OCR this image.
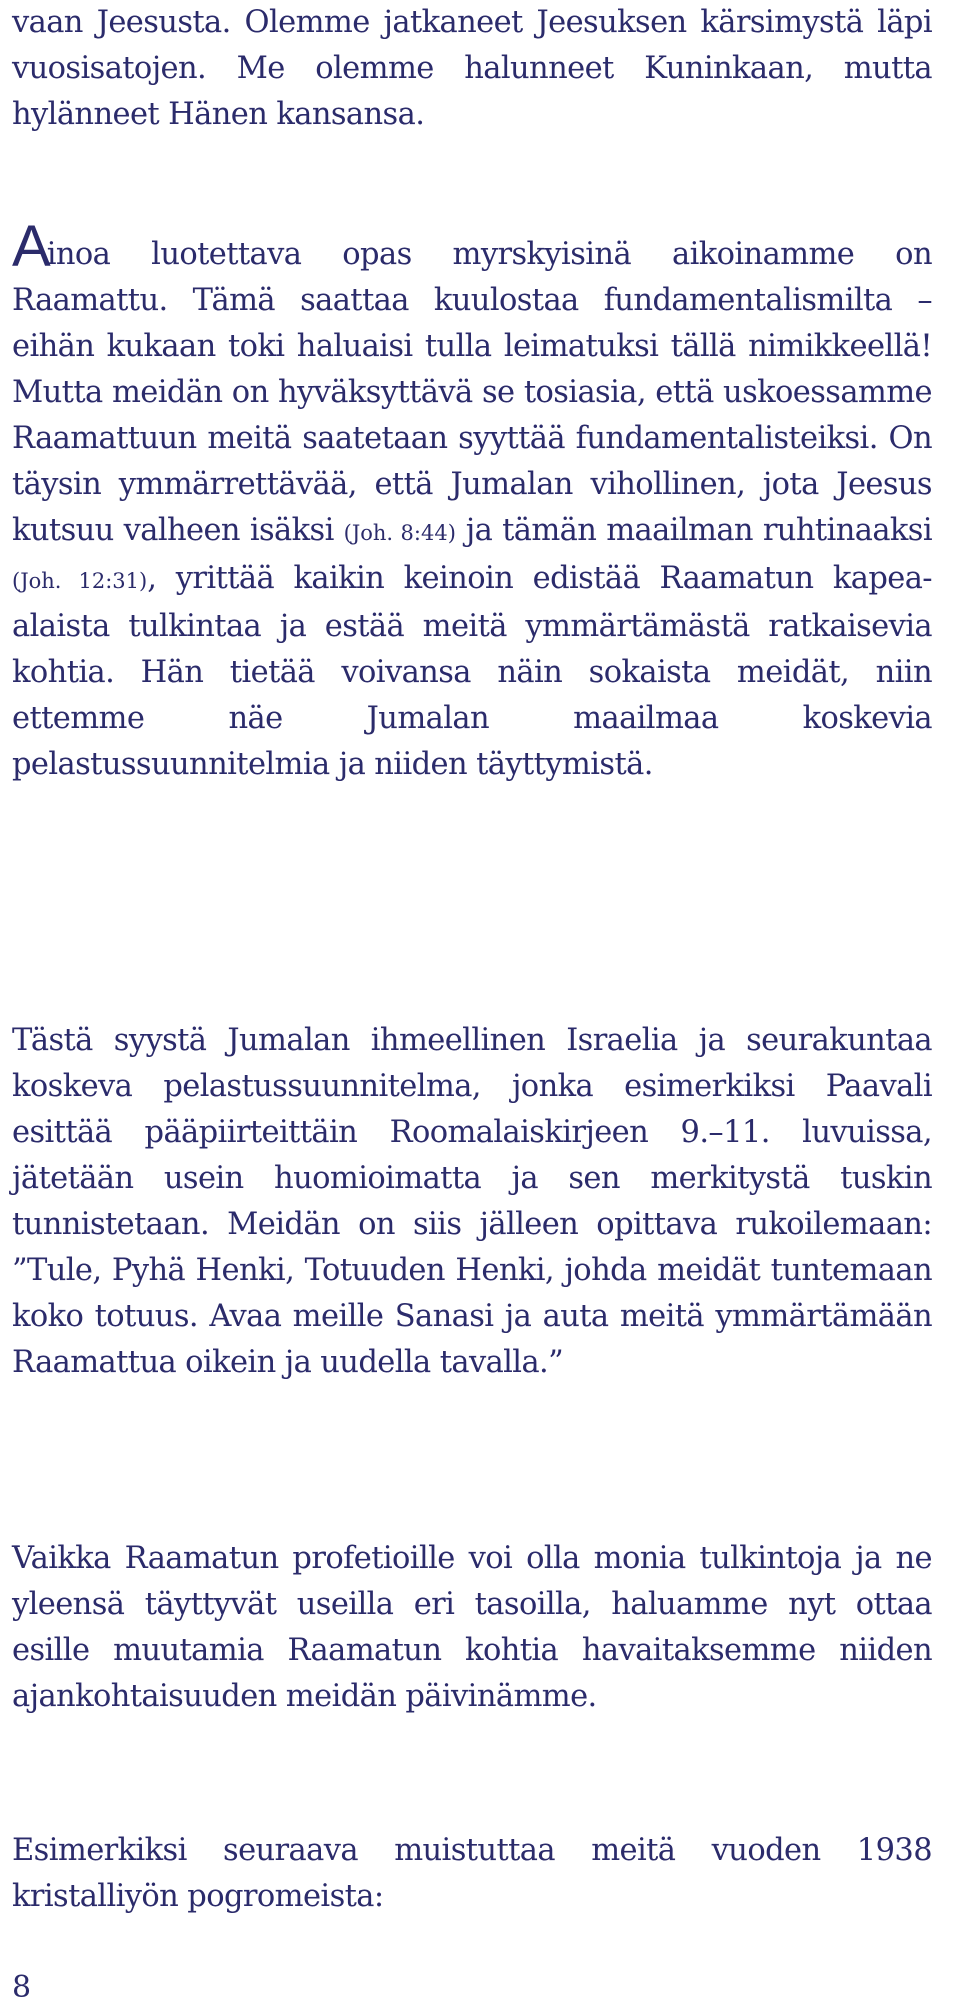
vaan Jeesusta. Olemme jatkaneet Jeesuksen kärsimystä läpi vuosisatojen. Me olemme halunneet Kuninkaan, mutta hylänneet Hänen kansansa.

Ainoa luotettava opas myrskyisinä aikoinamme on Raamattu. Tämä saattaa kuulostaa fundamentalismilta – eihän kukaan toki haluaisi tulla leimatuksi tällä nimikkeellä! Mutta meidän on hyväksyttävä se tosiasia, että uskoessamme Raamattuun meitä saatetaan syyttää fundamentalisteiksi. On täysin ymmärrettävää, että Jumalan vihollinen, jota Jeesus kutsuu valheen isäksi (Joh. 8:44) ja tämän maailman ruhtinaaksi (Joh. 12:31), yrittää kaikin keinoin edistää Raamatun kapea-alaista tulkintaa ja estää meitä ymmärtämästä ratkaisevia kohtia. Hän tietää voivansa näin sokaista meidät, niin ettemme näe Jumalan maailmaa koskevia pelastussuunnitelmia ja niiden täyttymistä.

Tästä syystä Jumalan ihmeellinen Israelia ja seurakuntaa koskeva pelastussuunnitelma, jonka esimerkiksi Paavali esittää pääpiirteittäin Roomalaiskirjeen 9.–11. luvuissa, jätetään usein huomioimatta ja sen merkitystä tuskin tunnistetaan. Meidän on siis jälleen opittava rukoilemaan: ”Tule, Pyhä Henki, Totuuden Henki, johda meidät tuntemaan koko totuus. Avaa meille Sanasi ja auta meitä ymmärtämään Raamattua oikein ja uudella tavalla.”

Vaikka Raamatun profetioille voi olla monia tulkintoja ja ne yleensä täyttyvät useilla eri tasoilla, haluamme nyt ottaa esille muutamia Raamatun kohtia havaitaksemme niiden ajankohtaisuuden meidän päivinämme.

Esimerkiksi seuraava muistuttaa meitä vuoden 1938 kristalliyön pogromeista:

8
